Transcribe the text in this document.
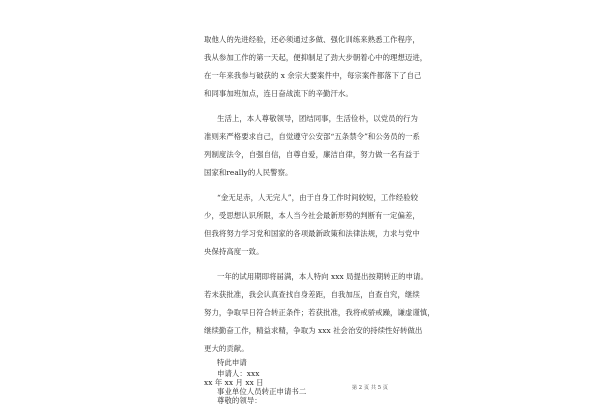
取他人的先进经验，还必须通过多做、强化训练来熟悉工作程序，
我从参加工作的第一天起，便抑制足了劲大步朝着心中的理想迈进，
在一年来我参与破获的 x 余宗大要案件中，每宗案件都落下了自己
和同事加班加点，连日奋战流下的辛勤汗水。
生活上，本人尊敬领导，团结同事，生活俭朴，以党员的行为
准则来严格要求自己，自觉遵守公安部“五条禁令”和公务员的一系
列制度法令，自强自信，自尊自爱，廉洁自律，努力做一名有益于
国家和really的人民警察。
“金无足赤，人无完人”，由于自身工作时间较短，工作经验较
少，受思想认识所限，本人当今社会最新形势的判断有一定偏差，
但我将努力学习党和国家的各项最新政策和法律法规，力求与党中
央保持高度一致。
一年的试用期即将届满，本人特向 xxx 局提出按期转正的申请。
若未获批准，我会认真查找自身差距，自我加压，自查自究，继续
努力，争取早日符合转正条件；若获批准，我将戒骄戒躁，谦虚谨慎，
继续勤奋工作，精益求精，争取为 xxx 社会治安的持续性好转做出
更大的贡献。
特此申请
申请人：xxx
xx 年 xx 月 xx 日
事业单位人员转正申请书二
尊敬的领导：
第 2 页 共 5 页
